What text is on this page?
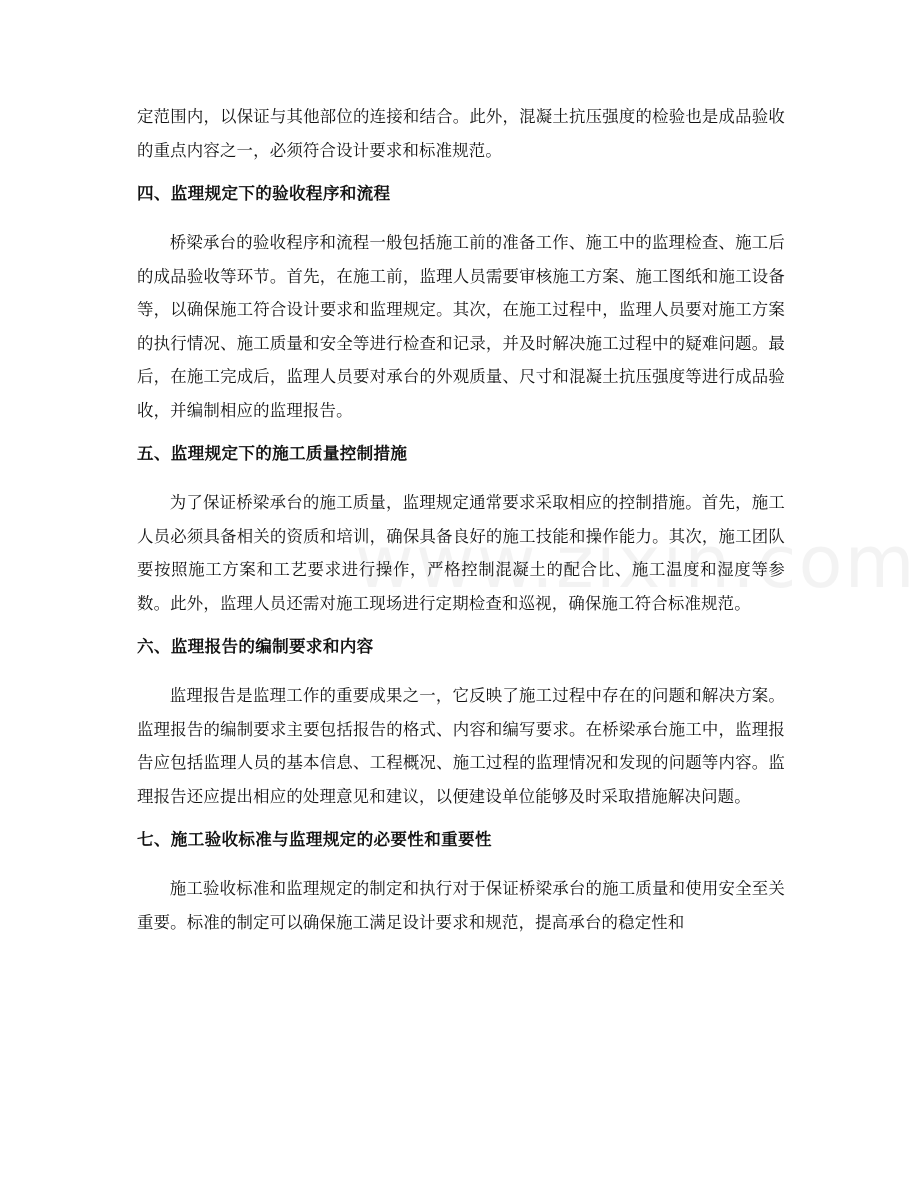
定范围内，以保证与其他部位的连接和结合。此外，混凝土抗压强度的检验也是成品验收的重点内容之一，必须符合设计要求和标准规范。

四、监理规定下的验收程序和流程

桥梁承台的验收程序和流程一般包括施工前的准备工作、施工中的监理检查、施工后的成品验收等环节。首先，在施工前，监理人员需要审核施工方案、施工图纸和施工设备等，以确保施工符合设计要求和监理规定。其次，在施工过程中，监理人员要对施工方案的执行情况、施工质量和安全等进行检查和记录，并及时解决施工过程中的疑难问题。最后，在施工完成后，监理人员要对承台的外观质量、尺寸和混凝土抗压强度等进行成品验收，并编制相应的监理报告。

五、监理规定下的施工质量控制措施

为了保证桥梁承台的施工质量，监理规定通常要求采取相应的控制措施。首先，施工人员必须具备相关的资质和培训，确保具备良好的施工技能和操作能力。其次，施工团队要按照施工方案和工艺要求进行操作，严格控制混凝土的配合比、施工温度和湿度等参数。此外，监理人员还需对施工现场进行定期检查和巡视，确保施工符合标准规范。

六、监理报告的编制要求和内容

监理报告是监理工作的重要成果之一，它反映了施工过程中存在的问题和解决方案。监理报告的编制要求主要包括报告的格式、内容和编写要求。在桥梁承台施工中，监理报告应包括监理人员的基本信息、工程概况、施工过程的监理情况和发现的问题等内容。监理报告还应提出相应的处理意见和建议，以便建设单位能够及时采取措施解决问题。

七、施工验收标准与监理规定的必要性和重要性

施工验收标准和监理规定的制定和执行对于保证桥梁承台的施工质量和使用安全至关重要。标准的制定可以确保施工满足设计要求和规范，提高承台的稳定性和
